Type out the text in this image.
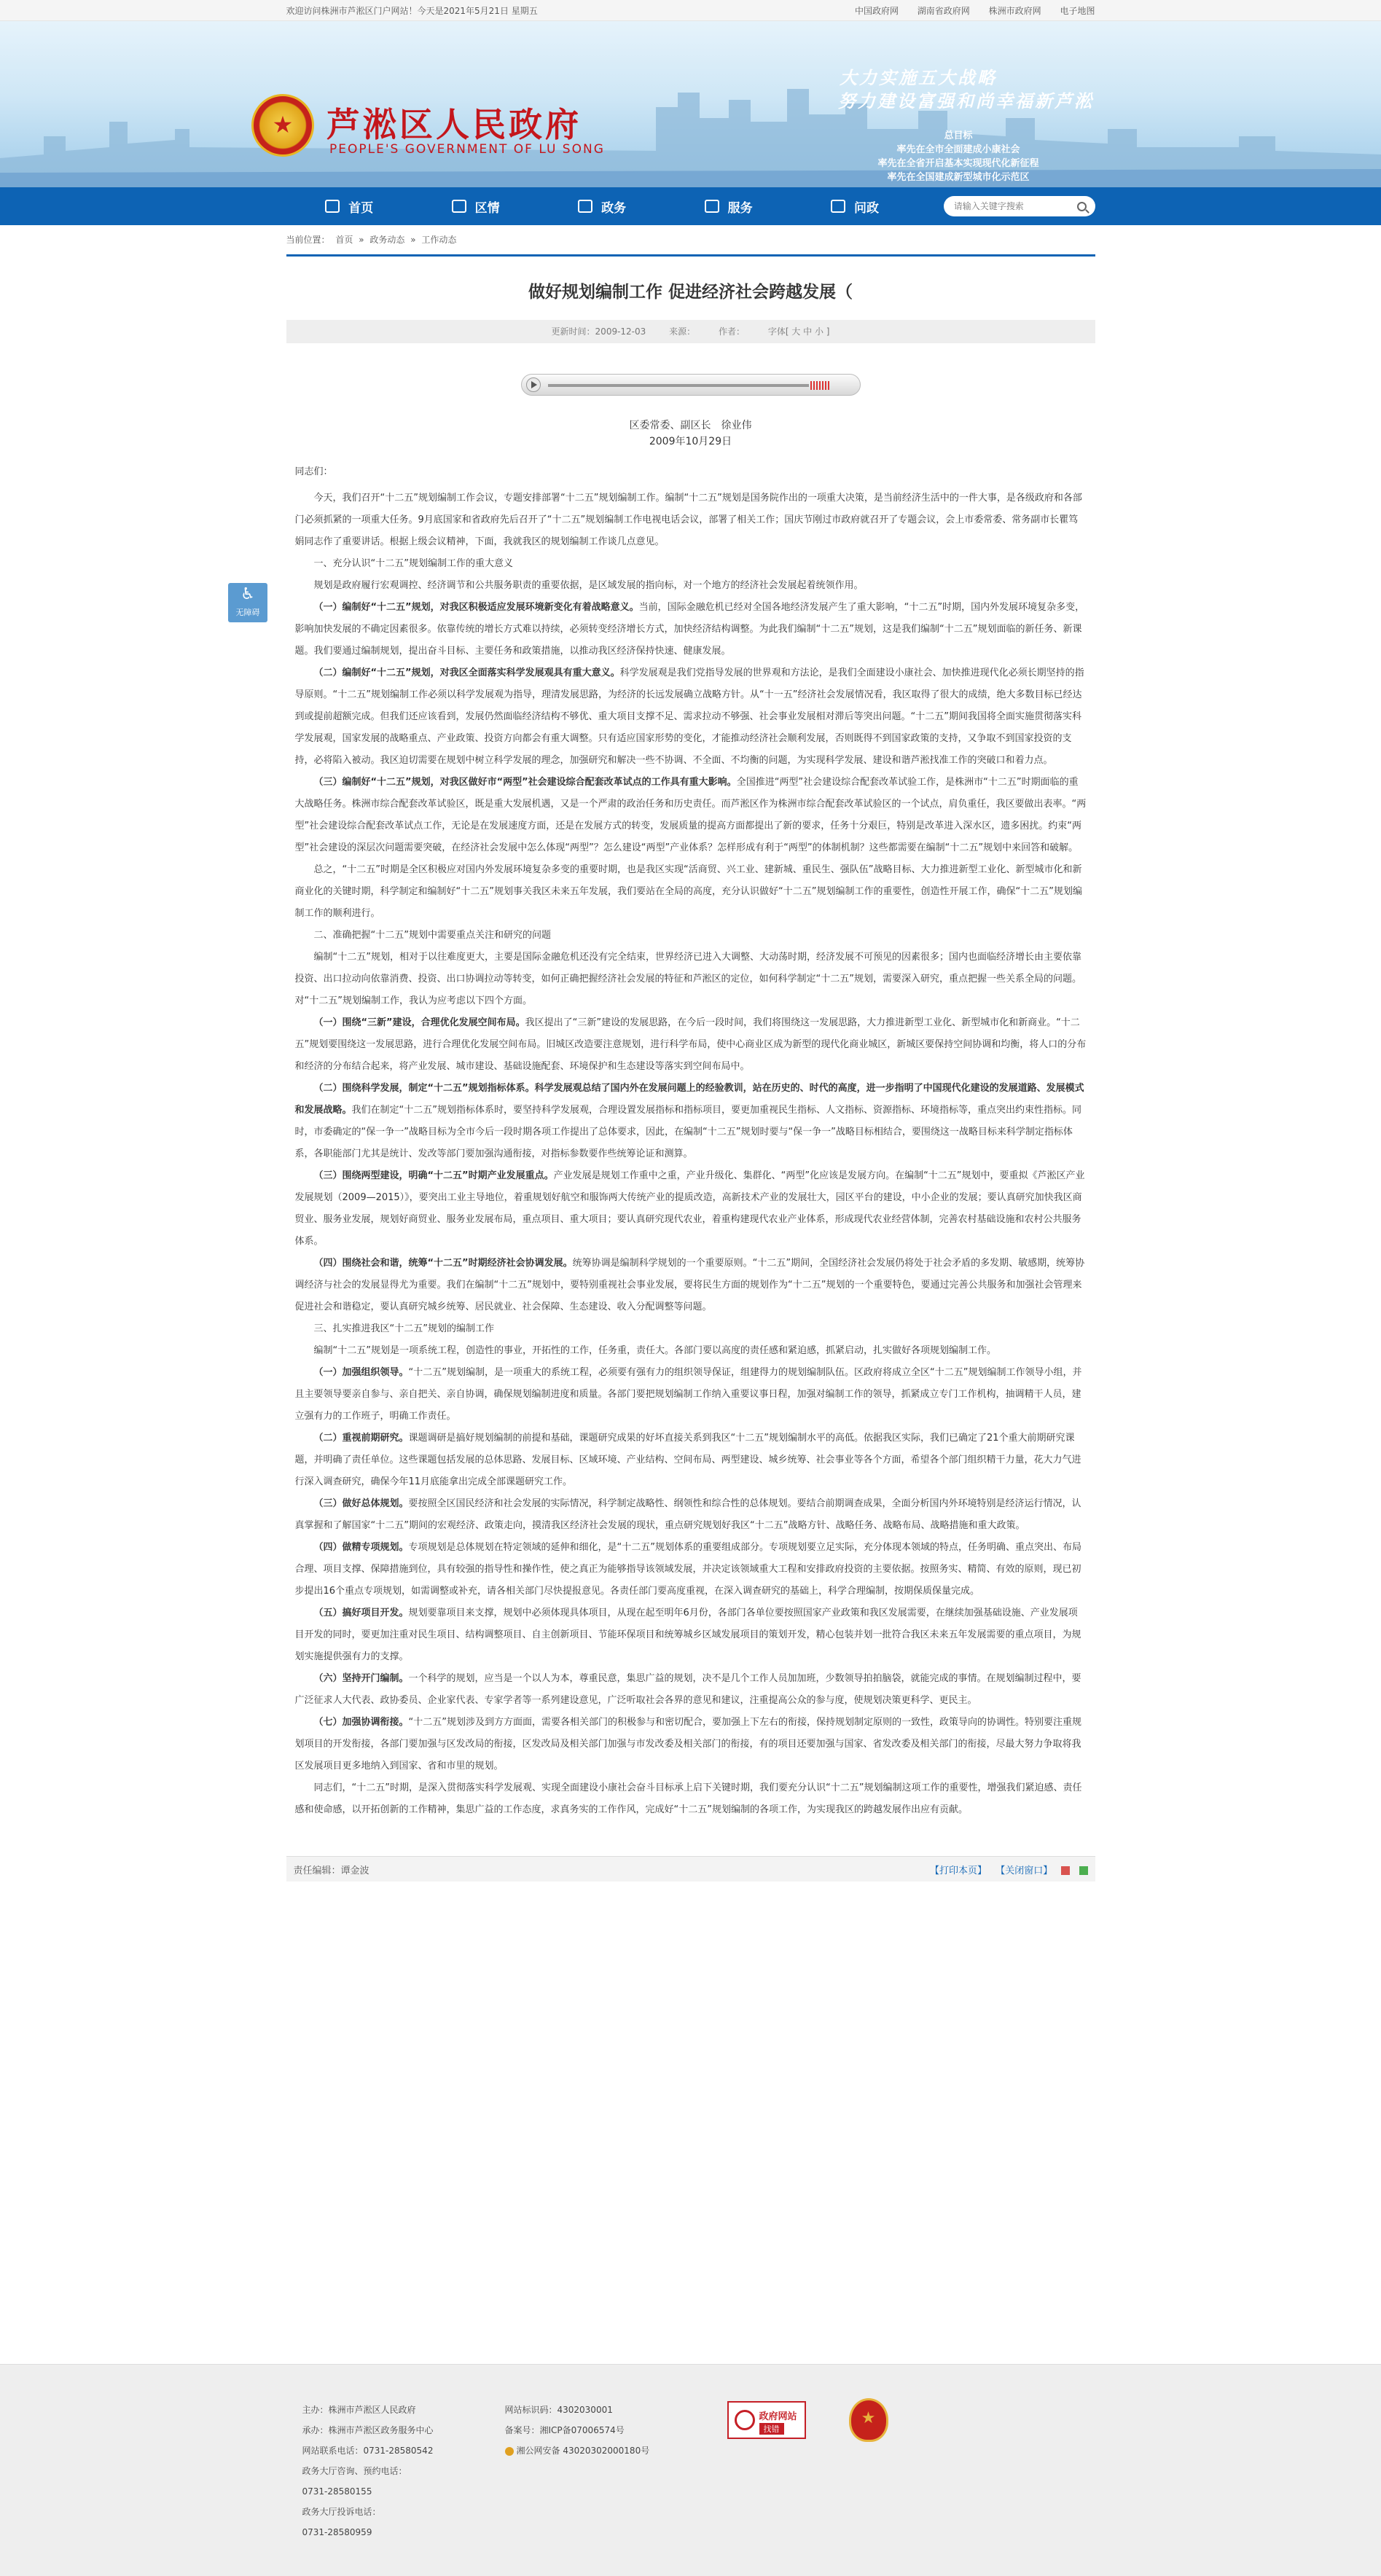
欢迎访问株洲市芦淞区门户网站！今天是2021年5月21日 星期五	中国政府网 湖南省政府网 株洲市政府网 电子地图
★
芦淞区人民政府
PEOPLE'S GOVERNMENT OF LU SONG
大力实施五大战略
努力建设富强和尚幸福新芦淞
总目标
率先在全市全面建成小康社会
率先在全省开启基本实现现代化新征程
率先在全国建成新型城市化示范区
首页	区情	政务	服务	问政
请输入关键字搜索
♿
无障碍
当前位置： 首页 » 政务动态 » 工作动态
做好规划编制工作 促进经济社会跨越发展（
更新时间：2009-12-03	来源：	作者：	字体[ 大 中 小 ]
区委常委、副区长　徐业伟
2009年10月29日

同志们：

今天，我们召开“十二五”规划编制工作会议，专题安排部署“十二五”规划编制工作。编制“十二五”规划是国务院作出的一项重大决策，是当前经济生活中的一件大事，是各级政府和各部门必须抓紧的一项重大任务。9月底国家和省政府先后召开了“十二五”规划编制工作电视电话会议，部署了相关工作；国庆节刚过市政府就召开了专题会议，会上市委常委、常务副市长瞿笃娟同志作了重要讲话。根据上级会议精神，下面，我就我区的规划编制工作谈几点意见。

一、充分认识“十二五”规划编制工作的重大意义

规划是政府履行宏观调控、经济调节和公共服务职责的重要依据，是区域发展的指向标，对一个地方的经济社会发展起着统领作用。

（一）编制好“十二五”规划，对我区积极适应发展环境新变化有着战略意义。当前，国际金融危机已经对全国各地经济发展产生了重大影响，“十二五”时期，国内外发展环境复杂多变，影响加快发展的不确定因素很多。依靠传统的增长方式难以持续，必须转变经济增长方式，加快经济结构调整。为此我们编制“十二五”规划，这是我们编制“十二五”规划面临的新任务、新课题。我们要通过编制规划，提出奋斗目标、主要任务和政策措施，以推动我区经济保持快速、健康发展。

（二）编制好“十二五”规划，对我区全面落实科学发展观具有重大意义。科学发展观是我们党指导发展的世界观和方法论，是我们全面建设小康社会、加快推进现代化必须长期坚持的指导原则。“十二五”规划编制工作必须以科学发展观为指导，理清发展思路，为经济的长远发展确立战略方针。从“十一五”经济社会发展情况看，我区取得了很大的成绩，绝大多数目标已经达到或提前超额完成。但我们还应该看到，发展仍然面临经济结构不够优、重大项目支撑不足、需求拉动不够强、社会事业发展相对滞后等突出问题。“十二五”期间我国将全面实施贯彻落实科学发展观，国家发展的战略重点、产业政策、投资方向都会有重大调整。只有适应国家形势的变化，才能推动经济社会顺利发展，否则既得不到国家政策的支持，又争取不到国家投资的支持，必将陷入被动。我区迫切需要在规划中树立科学发展的理念，加强研究和解决一些不协调、不全面、不均衡的问题，为实现科学发展、建设和谐芦淞找准工作的突破口和着力点。

（三）编制好“十二五”规划，对我区做好市“两型”社会建设综合配套改革试点的工作具有重大影响。全国推进“两型”社会建设综合配套改革试验工作，是株洲市“十二五”时期面临的重大战略任务。株洲市综合配套改革试验区，既是重大发展机遇，又是一个严肃的政治任务和历史责任。而芦淞区作为株洲市综合配套改革试验区的一个试点，肩负重任，我区要做出表率。“两型”社会建设综合配套改革试点工作，无论是在发展速度方面，还是在发展方式的转变，发展质量的提高方面都提出了新的要求，任务十分艰巨，特别是改革进入深水区，遗多困扰。约束“两型”社会建设的深层次问题需要突破，在经济社会发展中怎么体现“两型”？怎么建设“两型”产业体系？怎样形成有利于“两型”的体制机制？这些都需要在编制“十二五”规划中来回答和破解。

总之，“十二五”时期是全区积极应对国内外发展环境复杂多变的重要时期，也是我区实现“活商贸、兴工业、建新城、重民生、强队伍”战略目标、大力推进新型工业化、新型城市化和新商业化的关键时期，科学制定和编制好“十二五”规划事关我区未来五年发展，我们要站在全局的高度，充分认识做好“十二五”规划编制工作的重要性，创造性开展工作，确保“十二五”规划编制工作的顺利进行。

二、准确把握“十二五”规划中需要重点关注和研究的问题

编制“十二五”规划，相对于以往难度更大，主要是国际金融危机还没有完全结束，世界经济已进入大调整、大动荡时期，经济发展不可预见的因素很多；国内也面临经济增长由主要依靠投资、出口拉动向依靠消费、投资、出口协调拉动等转变，如何正确把握经济社会发展的特征和芦淞区的定位，如何科学制定“十二五”规划，需要深入研究，重点把握一些关系全局的问题。对“十二五”规划编制工作，我认为应考虑以下四个方面。

（一）围绕“三新”建设，合理优化发展空间布局。我区提出了“三新”建设的发展思路，在今后一段时间，我们将围绕这一发展思路，大力推进新型工业化、新型城市化和新商业。“十二五”规划要围绕这一发展思路，进行合理优化发展空间布局。旧城区改造要注意规划，进行科学布局，使中心商业区成为新型的现代化商业城区，新城区要保持空间协调和均衡，将人口的分布和经济的分布结合起来，将产业发展、城市建设、基础设施配套、环境保护和生态建设等落实到空间布局中。

（二）围绕科学发展，制定“十二五”规划指标体系。科学发展观总结了国内外在发展问题上的经验教训，站在历史的、时代的高度，进一步指明了中国现代化建设的发展道路、发展模式和发展战略。我们在制定“十二五”规划指标体系时，要坚持科学发展观，合理设置发展指标和指标项目，要更加重视民生指标、人文指标、资源指标、环境指标等，重点突出约束性指标。同时，市委确定的“保一争一”战略目标为全市今后一段时期各项工作提出了总体要求，因此，在编制“十二五”规划时要与“保一争一”战略目标相结合，要围绕这一战略目标来科学制定指标体系，各职能部门尤其是统计、发改等部门要加强沟通衔接，对指标参数要作些统筹论证和测算。

（三）围绕两型建设，明确“十二五”时期产业发展重点。产业发展是规划工作重中之重，产业升级化、集群化、“两型”化应该是发展方向。在编制“十二五”规划中，要重拟《芦淞区产业发展规划（2009—2015）》，要突出工业主导地位，着重规划好航空和服饰两大传统产业的提质改造，高新技术产业的发展壮大，园区平台的建设，中小企业的发展；要认真研究加快我区商贸业、服务业发展，规划好商贸业、服务业发展布局，重点项目、重大项目；要认真研究现代农业，着重构建现代农业产业体系，形成现代农业经营体制，完善农村基础设施和农村公共服务体系。

（四）围绕社会和谐，统筹“十二五”时期经济社会协调发展。统筹协调是编制科学规划的一个重要原则。“十二五”期间，全国经济社会发展仍将处于社会矛盾的多发期、敏感期，统筹协调经济与社会的发展显得尤为重要。我们在编制“十二五”规划中，要特别重视社会事业发展，要将民生方面的规划作为“十二五”规划的一个重要特色，要通过完善公共服务和加强社会管理来促进社会和谐稳定，要认真研究城乡统筹、居民就业、社会保障、生态建设、收入分配调整等问题。

三、扎实推进我区“十二五”规划的编制工作

编制“十二五”规划是一项系统工程，创造性的事业，开拓性的工作，任务重，责任大。各部门要以高度的责任感和紧迫感，抓紧启动，扎实做好各项规划编制工作。

（一）加强组织领导。“十二五”规划编制，是一项重大的系统工程，必须要有强有力的组织领导保证，组建得力的规划编制队伍。区政府将成立全区“十二五”规划编制工作领导小组，并且主要领导要亲自参与、亲自把关、亲自协调，确保规划编制进度和质量。各部门要把规划编制工作纳入重要议事日程，加强对编制工作的领导，抓紧成立专门工作机构，抽调精干人员，建立强有力的工作班子，明确工作责任。

（二）重视前期研究。课题调研是搞好规划编制的前提和基础，课题研究成果的好坏直接关系到我区“十二五”规划编制水平的高低。依据我区实际，我们已确定了21个重大前期研究课题，并明确了责任单位。这些课题包括发展的总体思路、发展目标、区域环境、产业结构、空间布局、两型建设、城乡统筹、社会事业等各个方面，希望各个部门组织精干力量，花大力气进行深入调查研究，确保今年11月底能拿出完成全部课题研究工作。

（三）做好总体规划。要按照全区国民经济和社会发展的实际情况，科学制定战略性、纲领性和综合性的总体规划。要结合前期调查成果，全面分析国内外环境特别是经济运行情况，认真掌握和了解国家“十二五”期间的宏观经济、政策走向，摸清我区经济社会发展的现状，重点研究规划好我区“十二五”战略方针、战略任务、战略布局、战略措施和重大政策。

（四）做精专项规划。专项规划是总体规划在特定领域的延伸和细化，是“十二五”规划体系的重要组成部分。专项规划要立足实际，充分体现本领域的特点，任务明确、重点突出、布局合理、项目支撑、保障措施到位，具有较强的指导性和操作性，使之真正为能够指导该领域发展，并决定该领域重大工程和安排政府投资的主要依据。按照务实、精简、有效的原则，现已初步提出16个重点专项规划，如需调整或补充，请各相关部门尽快提报意见。各责任部门要高度重视，在深入调查研究的基础上，科学合理编制，按期保质保量完成。

（五）搞好项目开发。规划要靠项目来支撑，规划中必须体现具体项目，从现在起至明年6月份，各部门各单位要按照国家产业政策和我区发展需要，在继续加强基础设施、产业发展项目开发的同时，要更加注重对民生项目、结构调整项目、自主创新项目、节能环保项目和统筹城乡区域发展项目的策划开发，精心包装并划一批符合我区未来五年发展需要的重点项目，为规划实施提供强有力的支撑。

（六）坚持开门编制。一个科学的规划，应当是一个以人为本，尊重民意，集思广益的规划，决不是几个工作人员加加班，少数领导拍拍脑袋，就能完成的事情。在规划编制过程中，要广泛征求人大代表、政协委员、企业家代表、专家学者等一系列建设意见，广泛听取社会各界的意见和建议，注重提高公众的参与度，使规划决策更科学、更民主。

（七）加强协调衔接。“十二五”规划涉及到方方面面，需要各相关部门的积极参与和密切配合，要加强上下左右的衔接，保持规划制定原则的一致性，政策导向的协调性。特别要注重规划项目的开发衔接，各部门要加强与区发改局的衔接，区发改局及相关部门加强与市发改委及相关部门的衔接，有的项目还要加强与国家、省发改委及相关部门的衔接，尽最大努力争取将我区发展项目更多地纳入到国家、省和市里的规划。

同志们，“十二五”时期，是深入贯彻落实科学发展观、实现全面建设小康社会奋斗目标承上启下关键时期，我们要充分认识“十二五”规划编制这项工作的重要性，增强我们紧迫感、责任感和使命感，以开拓创新的工作精神，集思广益的工作态度，求真务实的工作作风，完成好“十二五”规划编制的各项工作，为实现我区的跨越发展作出应有贡献。

责任编辑：谭金波	【打印本页】 【关闭窗口】
主办：株洲市芦淞区人民政府
承办：株洲市芦淞区政务服务中心
网站联系电话：0731-28580542
政务大厅咨询、预约电话：
0731-28580155
政务大厅投诉电话：
0731-28580959
网站标识码：4302030001
备案号：湘ICP备07006574号
湘公网安备 43020302000180号
政府网站
找错
★
